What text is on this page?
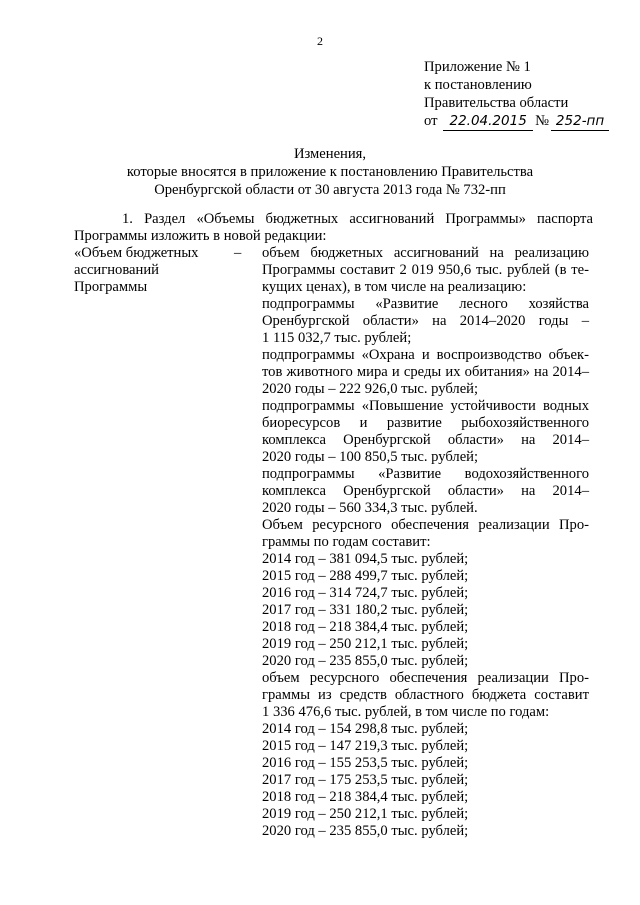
2
Приложение № 1
к постановлению
Правительства области
от 22.04.2015 № 252-пп
Изменения,
которые вносятся в приложение к постановлению Правительства
Оренбургской области от 30 августа 2013 года № 732-пп
1. Раздел «Объемы бюджетных ассигнований Программы» паспорта
Программы изложить в новой редакции:
«Объем бюджетных
ассигнований
Программы
– объем бюджетных ассигнований на реализацию
Программы составит 2 019 950,6 тыс. рублей (в те-
кущих ценах), в том числе на реализацию:
подпрограммы «Развитие лесного хозяйства
Оренбургской области» на 2014–2020 годы –
1 115 032,7 тыс. рублей;
подпрограммы «Охрана и воспроизводство объек-
тов животного мира и среды их обитания» на 2014–
2020 годы – 222 926,0 тыс. рублей;
подпрограммы «Повышение устойчивости водных
биоресурсов и развитие рыбохозяйственного
комплекса Оренбургской области» на 2014–
2020 годы – 100 850,5 тыс. рублей;
подпрограммы «Развитие водохозяйственного
комплекса Оренбургской области» на 2014–
2020 годы – 560 334,3 тыс. рублей.
Объем ресурсного обеспечения реализации Про-
граммы по годам составит:
2014 год – 381 094,5 тыс. рублей;
2015 год – 288 499,7 тыс. рублей;
2016 год – 314 724,7 тыс. рублей;
2017 год – 331 180,2 тыс. рублей;
2018 год – 218 384,4 тыс. рублей;
2019 год – 250 212,1 тыс. рублей;
2020 год – 235 855,0 тыс. рублей;
объем ресурсного обеспечения реализации Про-
граммы из средств областного бюджета составит
1 336 476,6 тыс. рублей, в том числе по годам:
2014 год – 154 298,8 тыс. рублей;
2015 год – 147 219,3 тыс. рублей;
2016 год – 155 253,5 тыс. рублей;
2017 год – 175 253,5 тыс. рублей;
2018 год – 218 384,4 тыс. рублей;
2019 год – 250 212,1 тыс. рублей;
2020 год – 235 855,0 тыс. рублей;
